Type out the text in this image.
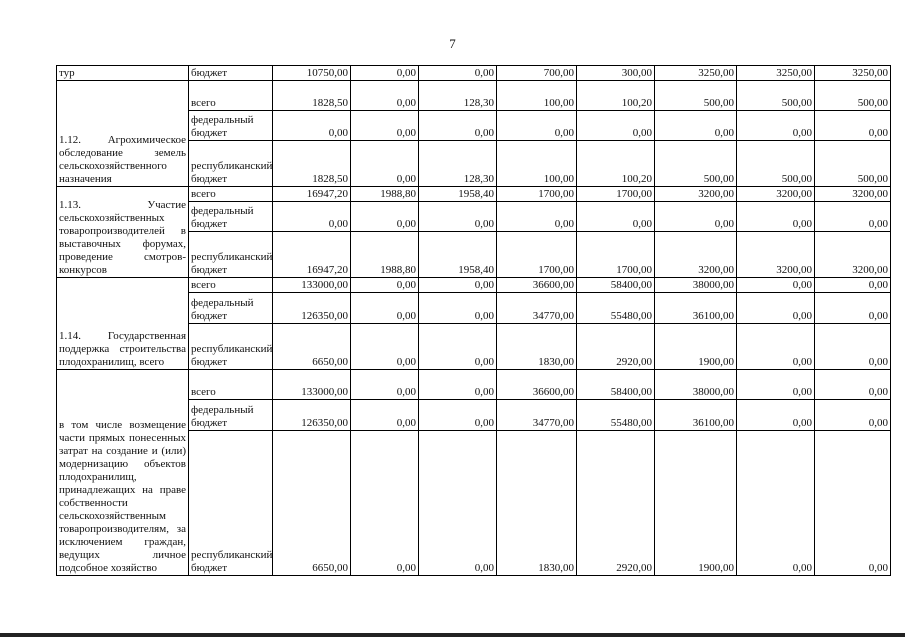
7
тур	бюджет	10750,00	0,00	0,00	700,00	300,00	3250,00	3250,00	3250,00
1.12. Агрохимическое обследование земель сельскохозяйственного назначения	всего	1828,50	0,00	128,30	100,00	100,20	500,00	500,00	500,00
	федеральный бюджет	0,00	0,00	0,00	0,00	0,00	0,00	0,00	0,00
	республиканский бюджет	1828,50	0,00	128,30	100,00	100,20	500,00	500,00	500,00
1.13. Участие сельскохозяйственных товаропроизводителей в выставочных форумах, проведение смотров-конкурсов	всего	16947,20	1988,80	1958,40	1700,00	1700,00	3200,00	3200,00	3200,00
	федеральный бюджет	0,00	0,00	0,00	0,00	0,00	0,00	0,00	0,00
	республиканский бюджет	16947,20	1988,80	1958,40	1700,00	1700,00	3200,00	3200,00	3200,00
1.14. Государственная поддержка строительства плодохранилищ, всего	всего	133000,00	0,00	0,00	36600,00	58400,00	38000,00	0,00	0,00
	федеральный бюджет	126350,00	0,00	0,00	34770,00	55480,00	36100,00	0,00	0,00
	республиканский бюджет	6650,00	0,00	0,00	1830,00	2920,00	1900,00	0,00	0,00
в том числе возмещение части прямых понесенных затрат на создание и (или) модернизацию объектов плодохранилищ, принадлежащих на праве собственности сельскохозяйственным товаропроизводителям, за исключением граждан, ведущих личное подсобное хозяйство	всего	133000,00	0,00	0,00	36600,00	58400,00	38000,00	0,00	0,00
	федеральный бюджет	126350,00	0,00	0,00	34770,00	55480,00	36100,00	0,00	0,00
	республиканский бюджет	6650,00	0,00	0,00	1830,00	2920,00	1900,00	0,00	0,00
